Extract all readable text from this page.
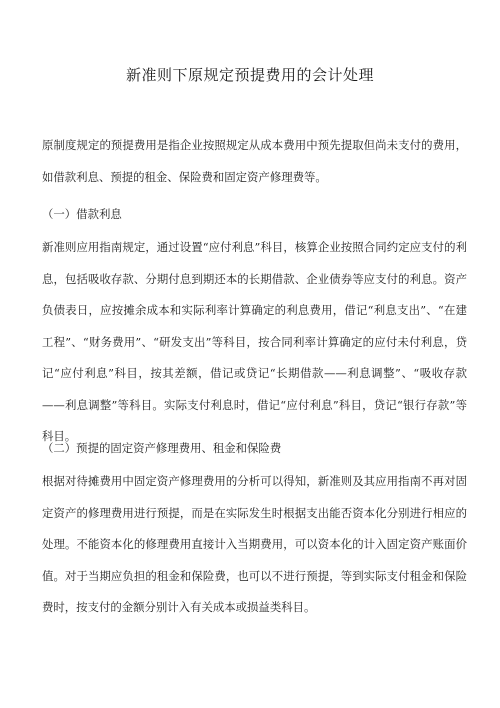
新准则下原规定预提费用的会计处理

原制度规定的预提费用是指企业按照规定从成本费用中预先提取但尚未支付的费用，如借款利息、预提的租金、保险费和固定资产修理费等。

（一）借款利息

新准则应用指南规定，通过设置“应付利息”科目，核算企业按照合同约定应支付的利息，包括吸收存款、分期付息到期还本的长期借款、企业债券等应支付的利息。资产负债表日，应按摊余成本和实际利率计算确定的利息费用，借记“利息支出”、“在建工程”、“财务费用”、“研发支出”等科目，按合同利率计算确定的应付未付利息，贷记“应付利息”科目，按其差额，借记或贷记“长期借款——利息调整”、“吸收存款——利息调整”等科目。实际支付利息时，借记“应付利息”科目，贷记“银行存款”等科目。

（二）预提的固定资产修理费用、租金和保险费

根据对待摊费用中固定资产修理费用的分析可以得知，新准则及其应用指南不再对固定资产的修理费用进行预提，而是在实际发生时根据支出能否资本化分别进行相应的处理。不能资本化的修理费用直接计入当期费用，可以资本化的计入固定资产账面价值。对于当期应负担的租金和保险费，也可以不进行预提，等到实际支付租金和保险费时，按支付的金额分别计入有关成本或损益类科目。
